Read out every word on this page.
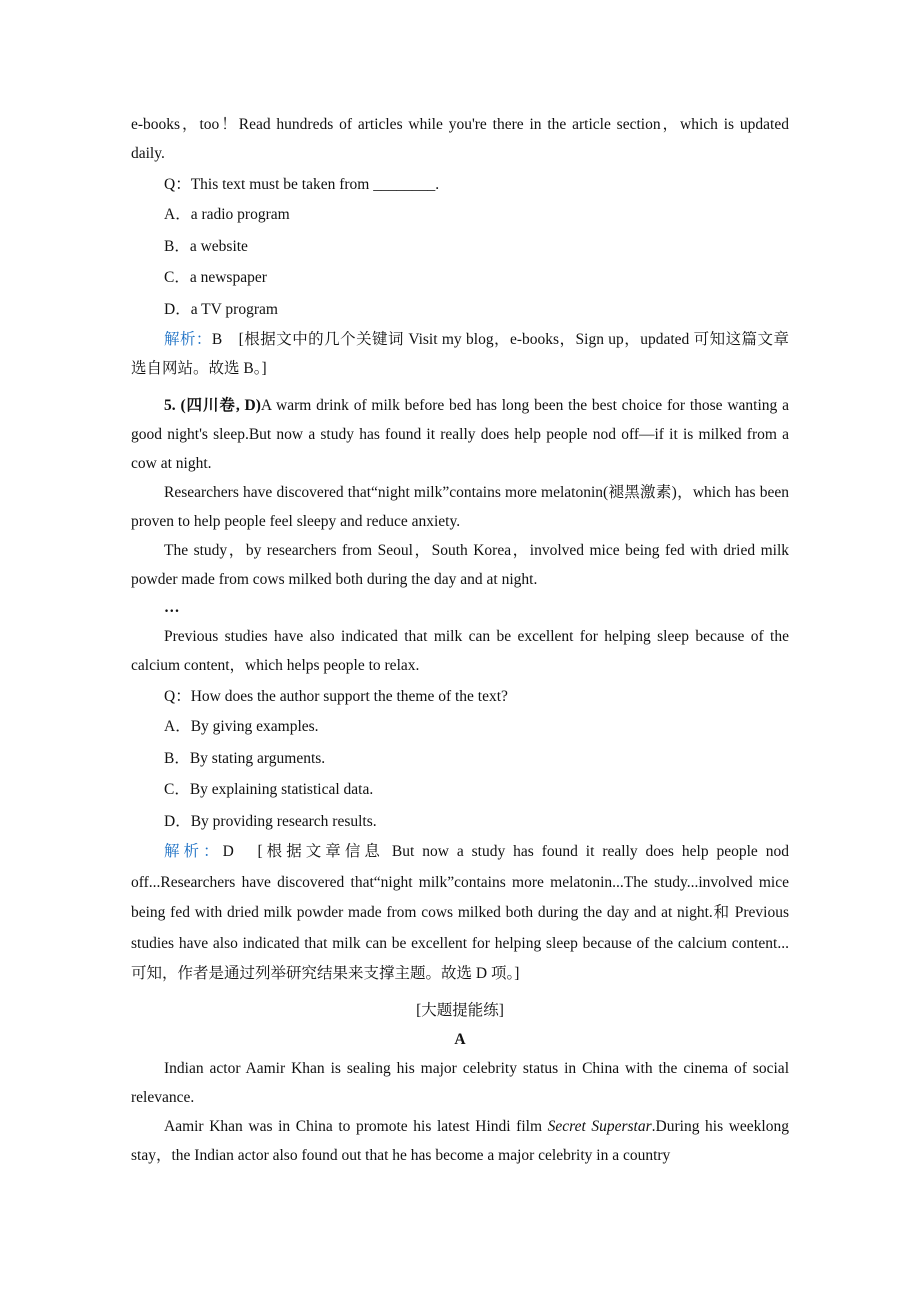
e-books，too！Read hundreds of articles while you're there in the article section，which is updated daily.

Q：This text must be taken from ________.

A．a radio program

B．a website

C．a newspaper

D．a TV program

解析：B　[根据文中的几个关键词 Visit my blog，e-books，Sign up，updated 可知这篇文章选自网站。故选 B。]

5. (四川卷, D)A warm drink of milk before bed has long been the best choice for those wanting a good night's sleep.But now a study has found it really does help people nod off—if it is milked from a cow at night.

Researchers have discovered that“night milk”contains more melatonin(褪黑激素)，which has been proven to help people feel sleepy and reduce anxiety.

The study，by researchers from Seoul，South Korea，involved mice being fed with dried milk powder made from cows milked both during the day and at night.

…

Previous studies have also indicated that milk can be excellent for helping sleep because of the calcium content，which helps people to relax.

Q：How does the author support the theme of the text?

A．By giving examples.

B．By stating arguments.

C．By explaining statistical data.

D．By providing research results.

解析：D　[根据文章信息 But now a study has found it really does help people nod off...Researchers have discovered that“night milk”contains more melatonin...The study...involved mice being fed with dried milk powder made from cows milked both during the day and at night.和 Previous studies have also indicated that milk can be excellent for helping sleep because of the calcium content...可知，作者是通过列举研究结果来支撑主题。故选 D 项。]

[大题提能练]

A

Indian actor Aamir Khan is sealing his major celebrity status in China with the cinema of social relevance.

Aamir Khan was in China to promote his latest Hindi film Secret Superstar.During his weeklong stay，the Indian actor also found out that he has become a major celebrity in a country
